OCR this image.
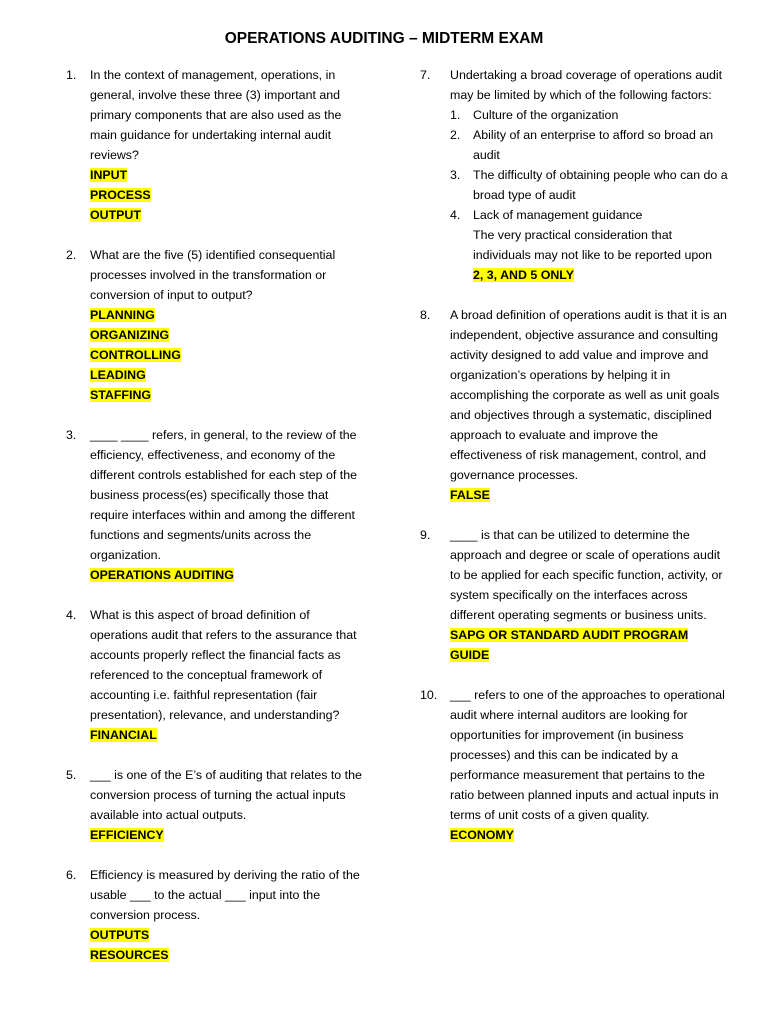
OPERATIONS AUDITING – MIDTERM EXAM
1. In the context of management, operations, in general, involve these three (3) important and primary components that are also used as the main guidance for undertaking internal audit reviews?
INPUT
PROCESS
OUTPUT
2. What are the five (5) identified consequential processes involved in the transformation or conversion of input to output?
PLANNING
ORGANIZING
CONTROLLING
LEADING
STAFFING
3. ____ ____ refers, in general, to the review of the efficiency, effectiveness, and economy of the different controls established for each step of the business process(es) specifically those that require interfaces within and among the different functions and segments/units across the organization.
OPERATIONS AUDITING
4. What is this aspect of broad definition of operations audit that refers to the assurance that accounts properly reflect the financial facts as referenced to the conceptual framework of accounting i.e. faithful representation (fair presentation), relevance, and understanding?
FINANCIAL
5. ___ is one of the E’s of auditing that relates to the conversion process of turning the actual inputs available into actual outputs.
EFFICIENCY
6. Efficiency is measured by deriving the ratio of the usable ___ to the actual ___ input into the conversion process.
OUTPUTS
RESOURCES
7. Undertaking a broad coverage of operations audit may be limited by which of the following factors:
1. Culture of the organization
2. Ability of an enterprise to afford so broad an audit
3. The difficulty of obtaining people who can do a broad type of audit
4. Lack of management guidance
The very practical consideration that individuals may not like to be reported upon
2, 3, AND 5 ONLY
8. A broad definition of operations audit is that it is an independent, objective assurance and consulting activity designed to add value and improve and organization’s operations by helping it in accomplishing the corporate as well as unit goals and objectives through a systematic, disciplined approach to evaluate and improve the effectiveness of risk management, control, and governance processes.
FALSE
9. ____ is that can be utilized to determine the approach and degree or scale of operations audit to be applied for each specific function, activity, or system specifically on the interfaces across different operating segments or business units.
SAPG OR STANDARD AUDIT PROGRAM GUIDE
10. ___ refers to one of the approaches to operational audit where internal auditors are looking for opportunities for improvement (in business processes) and this can be indicated by a performance measurement that pertains to the ratio between planned inputs and actual inputs in terms of unit costs of a given quality.
ECONOMY
